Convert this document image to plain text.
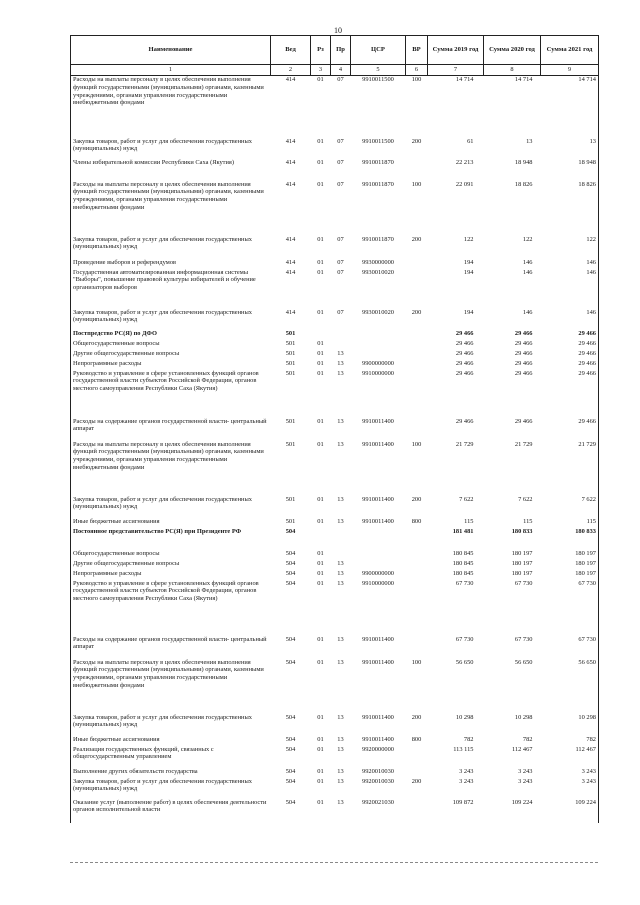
10
Наименование	Вед	Рз	Пр	ЦСР	ВР	Сумма 2019 год	Сумма 2020 год	Сумма 2021 год
1	2	3	4	5	6	7	8	9
Расходы на выплаты персоналу в целях обеспечения выполнения функций государственными (муниципальными) органами, казенными учреждениями, органами управления государственными внебюджетными фондами	414	01	07	9910011500	100	14 714	14 714	14 714
Закупка товаров, работ и услуг для обеспечения государственных (муниципальных) нужд	414	01	07	9910011500	200	61	13	13
Члены избирательной комиссии Республики Саха (Якутия)	414	01	07	9910011870		22 213	18 948	18 948
Расходы на выплаты персоналу в целях обеспечения выполнения функций государственными (муниципальными) органами, казенными учреждениями, органами управления государственными внебюджетными фондами	414	01	07	9910011870	100	22 091	18 826	18 826
Закупка товаров, работ и услуг для обеспечения государственных (муниципальных) нужд	414	01	07	9910011870	200	122	122	122
Проведение выборов и референдумов	414	01	07	9930000000		194	146	146
Государственная автоматизированная информационная системы "Выборы", повышение правовой культуры избирателей и обучение организаторов выборов	414	01	07	9930010020		194	146	146
Закупка товаров, работ и услуг для обеспечения государственных (муниципальных) нужд	414	01	07	9930010020	200	194	146	146
Постпредство РС(Я) по ДФО	501					29 466	29 466	29 466
Общегосударственные вопросы	501	01				29 466	29 466	29 466
Другие общегосударственные вопросы	501	01	13			29 466	29 466	29 466
Непрограммные расходы	501	01	13	9900000000		29 466	29 466	29 466
Руководство и управление в сфере установленных функций органов государственной власти субъектов Российской Федерации, органов местного самоуправления Республики Саха (Якутия)	501	01	13	9910000000		29 466	29 466	29 466
Расходы на содержание органов государственной власти- центральный аппарат	501	01	13	9910011400		29 466	29 466	29 466
Расходы на выплаты персоналу в целях обеспечения выполнения функций государственными (муниципальными) органами, казенными учреждениями, органами управления государственными внебюджетными фондами	501	01	13	9910011400	100	21 729	21 729	21 729
Закупка товаров, работ и услуг для обеспечения государственных (муниципальных) нужд	501	01	13	9910011400	200	7 622	7 622	7 622
Иные бюджетные ассигнования	501	01	13	9910011400	800	115	115	115
Постоянное представительство РС(Я) при Президенте РФ	504					181 481	180 833	180 833
Общегосударственные вопросы	504	01				180 845	180 197	180 197
Другие общегосударственные вопросы	504	01	13			180 845	180 197	180 197
Непрограммные расходы	504	01	13	9900000000		180 845	180 197	180 197
Руководство и управление в сфере установленных функций органов государственной власти субъектов Российской Федерации, органов местного самоуправления Республики Саха (Якутия)	504	01	13	9910000000		67 730	67 730	67 730
Расходы на содержание органов государственной власти- центральный аппарат	504	01	13	9910011400		67 730	67 730	67 730
Расходы на выплаты персоналу в целях обеспечения выполнения функций государственными (муниципальными) органами, казенными учреждениями, органами управления государственными внебюджетными фондами	504	01	13	9910011400	100	56 650	56 650	56 650
Закупка товаров, работ и услуг для обеспечения государственных (муниципальных) нужд	504	01	13	9910011400	200	10 298	10 298	10 298
Иные бюджетные ассигнования	504	01	13	9910011400	800	782	782	782
Реализация государственных функций, связанных с общегосударственным управлением	504	01	13	9920000000		113 115	112 467	112 467
Выполнение других обязательств государства	504	01	13	9920010030		3 243	3 243	3 243
Закупка товаров, работ и услуг для обеспечения государственных (муниципальных) нужд	504	01	13	9920010030	200	3 243	3 243	3 243
Оказание услуг (выполнение работ) в целях обеспечения деятельности органов исполнительной власти	504	01	13	9920021030		109 872	109 224	109 224
